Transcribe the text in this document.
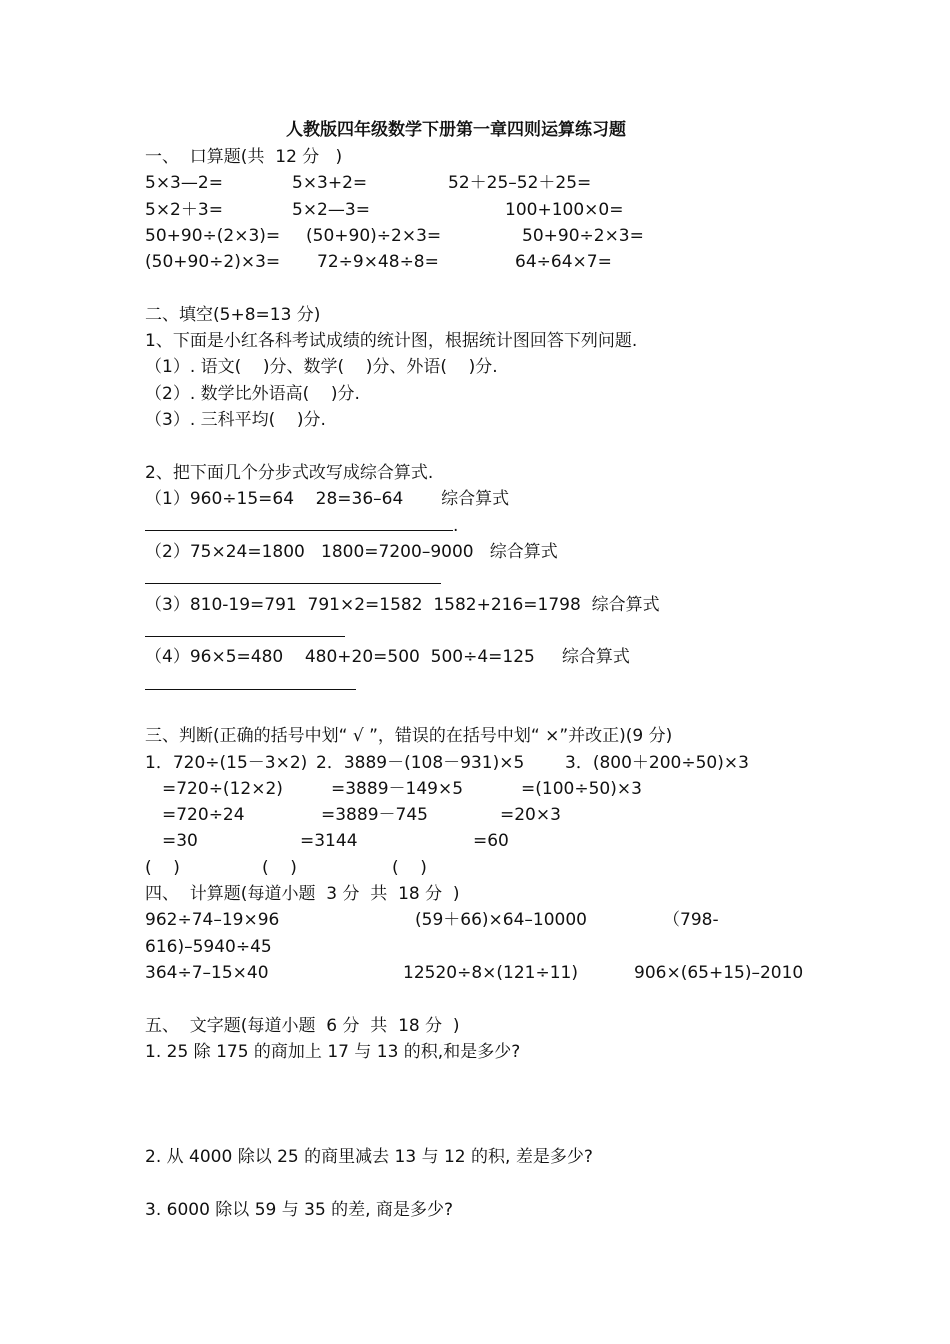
人教版四年级数学下册第一章四则运算练习题
一、  口算题(共  12 分   )
5×3—2=	5×3+2=	52＋25–52＋25=
5×2＋3=	5×2—3=	100+100×0=
50+90÷(2×3)= (50+90)÷2×3=	50+90÷2×3=
(50+90÷2)×3= 72÷9×48÷8=	64÷64×7=
二、填空(5+8=13 分)
1、下面是小红各科考试成绩的统计图，根据统计图回答下列问题.
（1）. 语文(    )分、数学(    )分、外语(    )分.
（2）. 数学比外语高(    )分.
（3）. 三科平均(    )分.
2、把下面几个分步式改写成综合算式.
（1）960÷15=64    28=36–64       综合算式
.
（2）75×24=1800   1800=7200–9000   综合算式
（3）810-19=791  791×2=1582  1582+216=1798  综合算式
（4）96×5=480    480+20=500  500÷4=125     综合算式
三、判断(正确的括号中划“ √ ”，错误的在括号中划“ ×”并改正)(9 分)
1．720÷(15－3×2)
=720÷(12×2)
=720÷24
=30
(    )
2．3889－(108－931)×5
=3889－149×5
=3889－745
=3144
(    )
3．(800＋200÷50)×3
=(100÷50)×3
=20×3
=60
(    )
四、  计算题(每道小题  3 分  共  18 分  )
962÷74–19×96	(59＋66)×64–10000	（798-
616)–5940÷45
364÷7–15×40	12520÷8×(121÷11)	906×(65+15)–2010
五、  文字题(每道小题  6 分  共  18 分  )
1. 25 除 175 的商加上 17 与 13 的积,和是多少?
2. 从 4000 除以 25 的商里减去 13 与 12 的积, 差是多少?
3. 6000 除以 59 与 35 的差, 商是多少?
